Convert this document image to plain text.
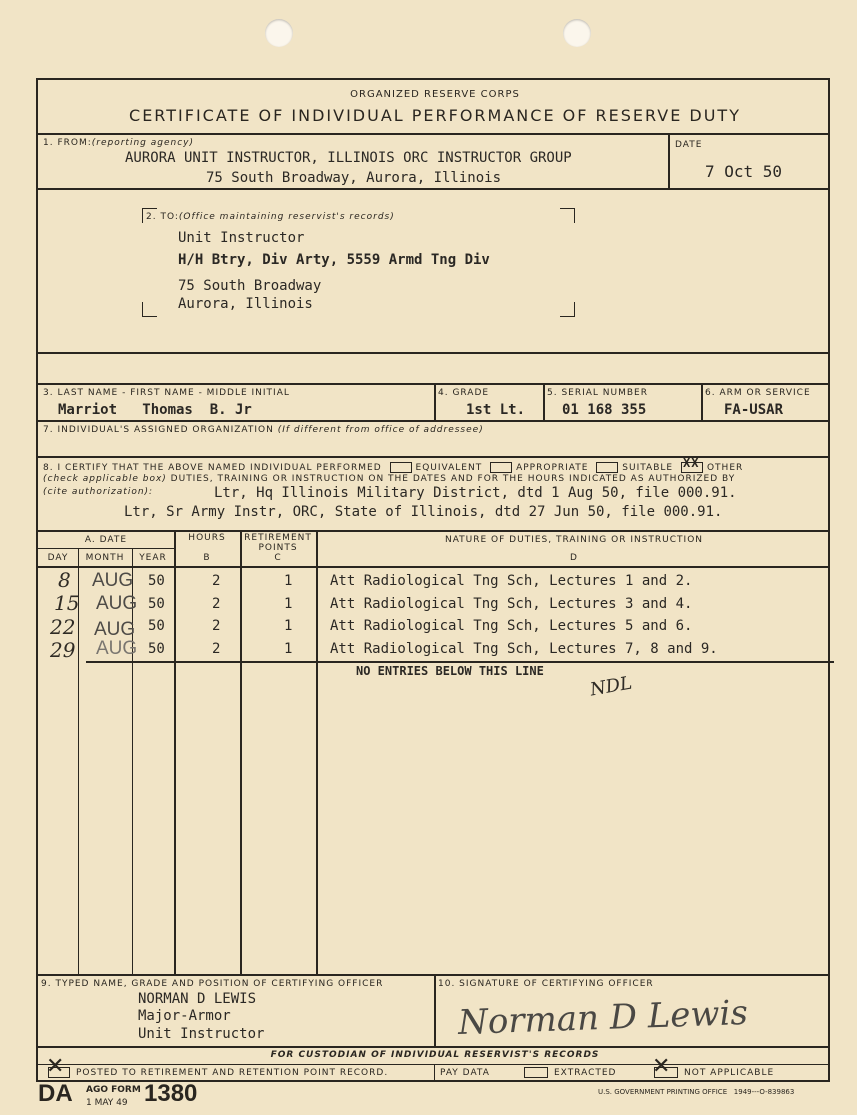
ORGANIZED RESERVE CORPS
CERTIFICATE OF INDIVIDUAL PERFORMANCE OF RESERVE DUTY
1. FROM:(reporting agency)
AURORA UNIT INSTRUCTOR, ILLINOIS ORC INSTRUCTOR GROUP
75 South Broadway, Aurora, Illinois
DATE
7 Oct 50
2. TO:(Office maintaining reservist's records)
Unit Instructor
H/H Btry, Div Arty, 5559 Armd Tng Div
75 South Broadway
Aurora, Illinois
3. LAST NAME - FIRST NAME - MIDDLE INITIAL
Marriot   Thomas  B. Jr
4. GRADE
1st Lt.
5. SERIAL NUMBER
01 168 355
6. ARM OR SERVICE
FA-USAR
7. INDIVIDUAL'S ASSIGNED ORGANIZATION (If different from office of addressee)
8. I CERTIFY THAT THE ABOVE NAMED INDIVIDUAL PERFORMED	EQUIVALENT	APPROPRIATE	SUITABLE XX OTHER
(check applicable box) DUTIES, TRAINING OR INSTRUCTION ON THE DATES AND FOR THE HOURS INDICATED AS AUTHORIZED BY
(cite authorization):	Ltr, Hq Illinois Military District, dtd 1 Aug 50, file 000.91.
Ltr, Sr Army Instr, ORC, State of Illinois, dtd 27 Jun 50, file 000.91.
A. DATE
DAY	MONTH	YEAR
HOURS
B
RETIREMENT POINTS
C
NATURE OF DUTIES, TRAINING OR INSTRUCTION
D
8 AUG 50	2	1	Att Radiological Tng Sch, Lectures 1 and 2.
15 AUG 50	2	1	Att Radiological Tng Sch, Lectures 3 and 4.
22 AUG 50	2	1	Att Radiological Tng Sch, Lectures 5 and 6.
29 AUG 50	2	1	Att Radiological Tng Sch, Lectures 7, 8 and 9.
NO ENTRIES BELOW THIS LINE
NDL
9. TYPED NAME, GRADE AND POSITION OF CERTIFYING OFFICER
NORMAN D LEWIS
Major-Armor
Unit Instructor
10. SIGNATURE OF CERTIFYING OFFICER
Norman D Lewis
FOR CUSTODIAN OF INDIVIDUAL RESERVIST'S RECORDS
✕ POSTED TO RETIREMENT AND RETENTION POINT RECORD.	PAY DATA	EXTRACTED ✕ NOT APPLICABLE
DA AGO FORM
1 MAY 49 1380	U.S. GOVERNMENT PRINTING OFFICE   1949---O-839863
